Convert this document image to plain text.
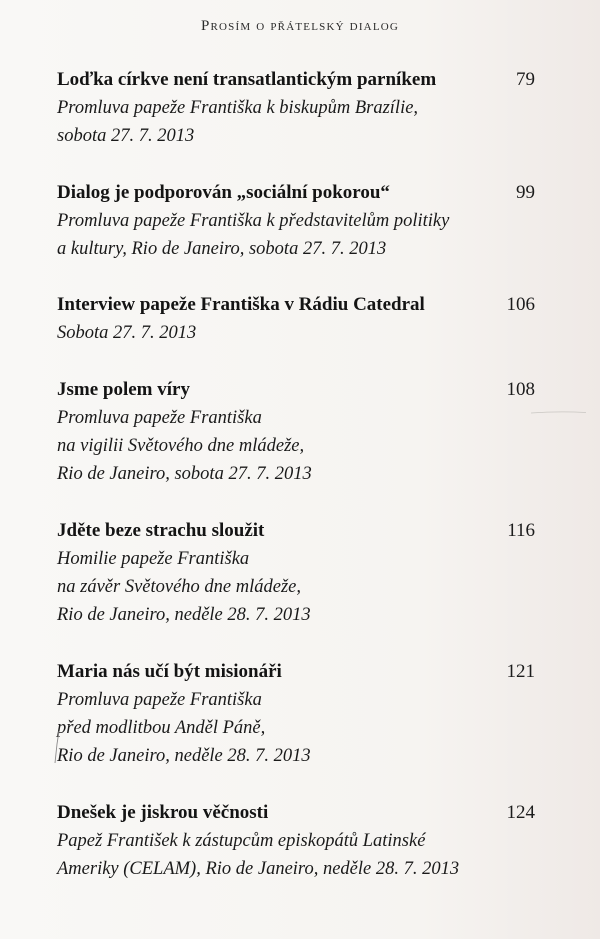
Prosím o přátelský dialog
Loďka církve není transatlantickým parníkem	79
Promluva papeže Františka k biskupům Brazílie,
sobota 27. 7. 2013
Dialog je podporován „sociální pokorou“	99
Promluva papeže Františka k představitelům politiky
a kultury, Rio de Janeiro, sobota 27. 7. 2013
Interview papeže Františka v Rádiu Catedral	106
Sobota 27. 7. 2013
Jsme polem víry	108
Promluva papeže Františka
na vigilii Světového dne mládeže,
Rio de Janeiro, sobota 27. 7. 2013
Jděte beze strachu sloužit	116
Homilie papeže Františka
na závěr Světového dne mládeže,
Rio de Janeiro, neděle 28. 7. 2013
Maria nás učí být misionáři	121
Promluva papeže Františka
před modlitbou Anděl Páně,
Rio de Janeiro, neděle 28. 7. 2013
Dnešek je jiskrou věčnosti	124
Papež František k zástupcům episkopátů Latinské
Ameriky (CELAM), Rio de Janeiro, neděle 28. 7. 2013
